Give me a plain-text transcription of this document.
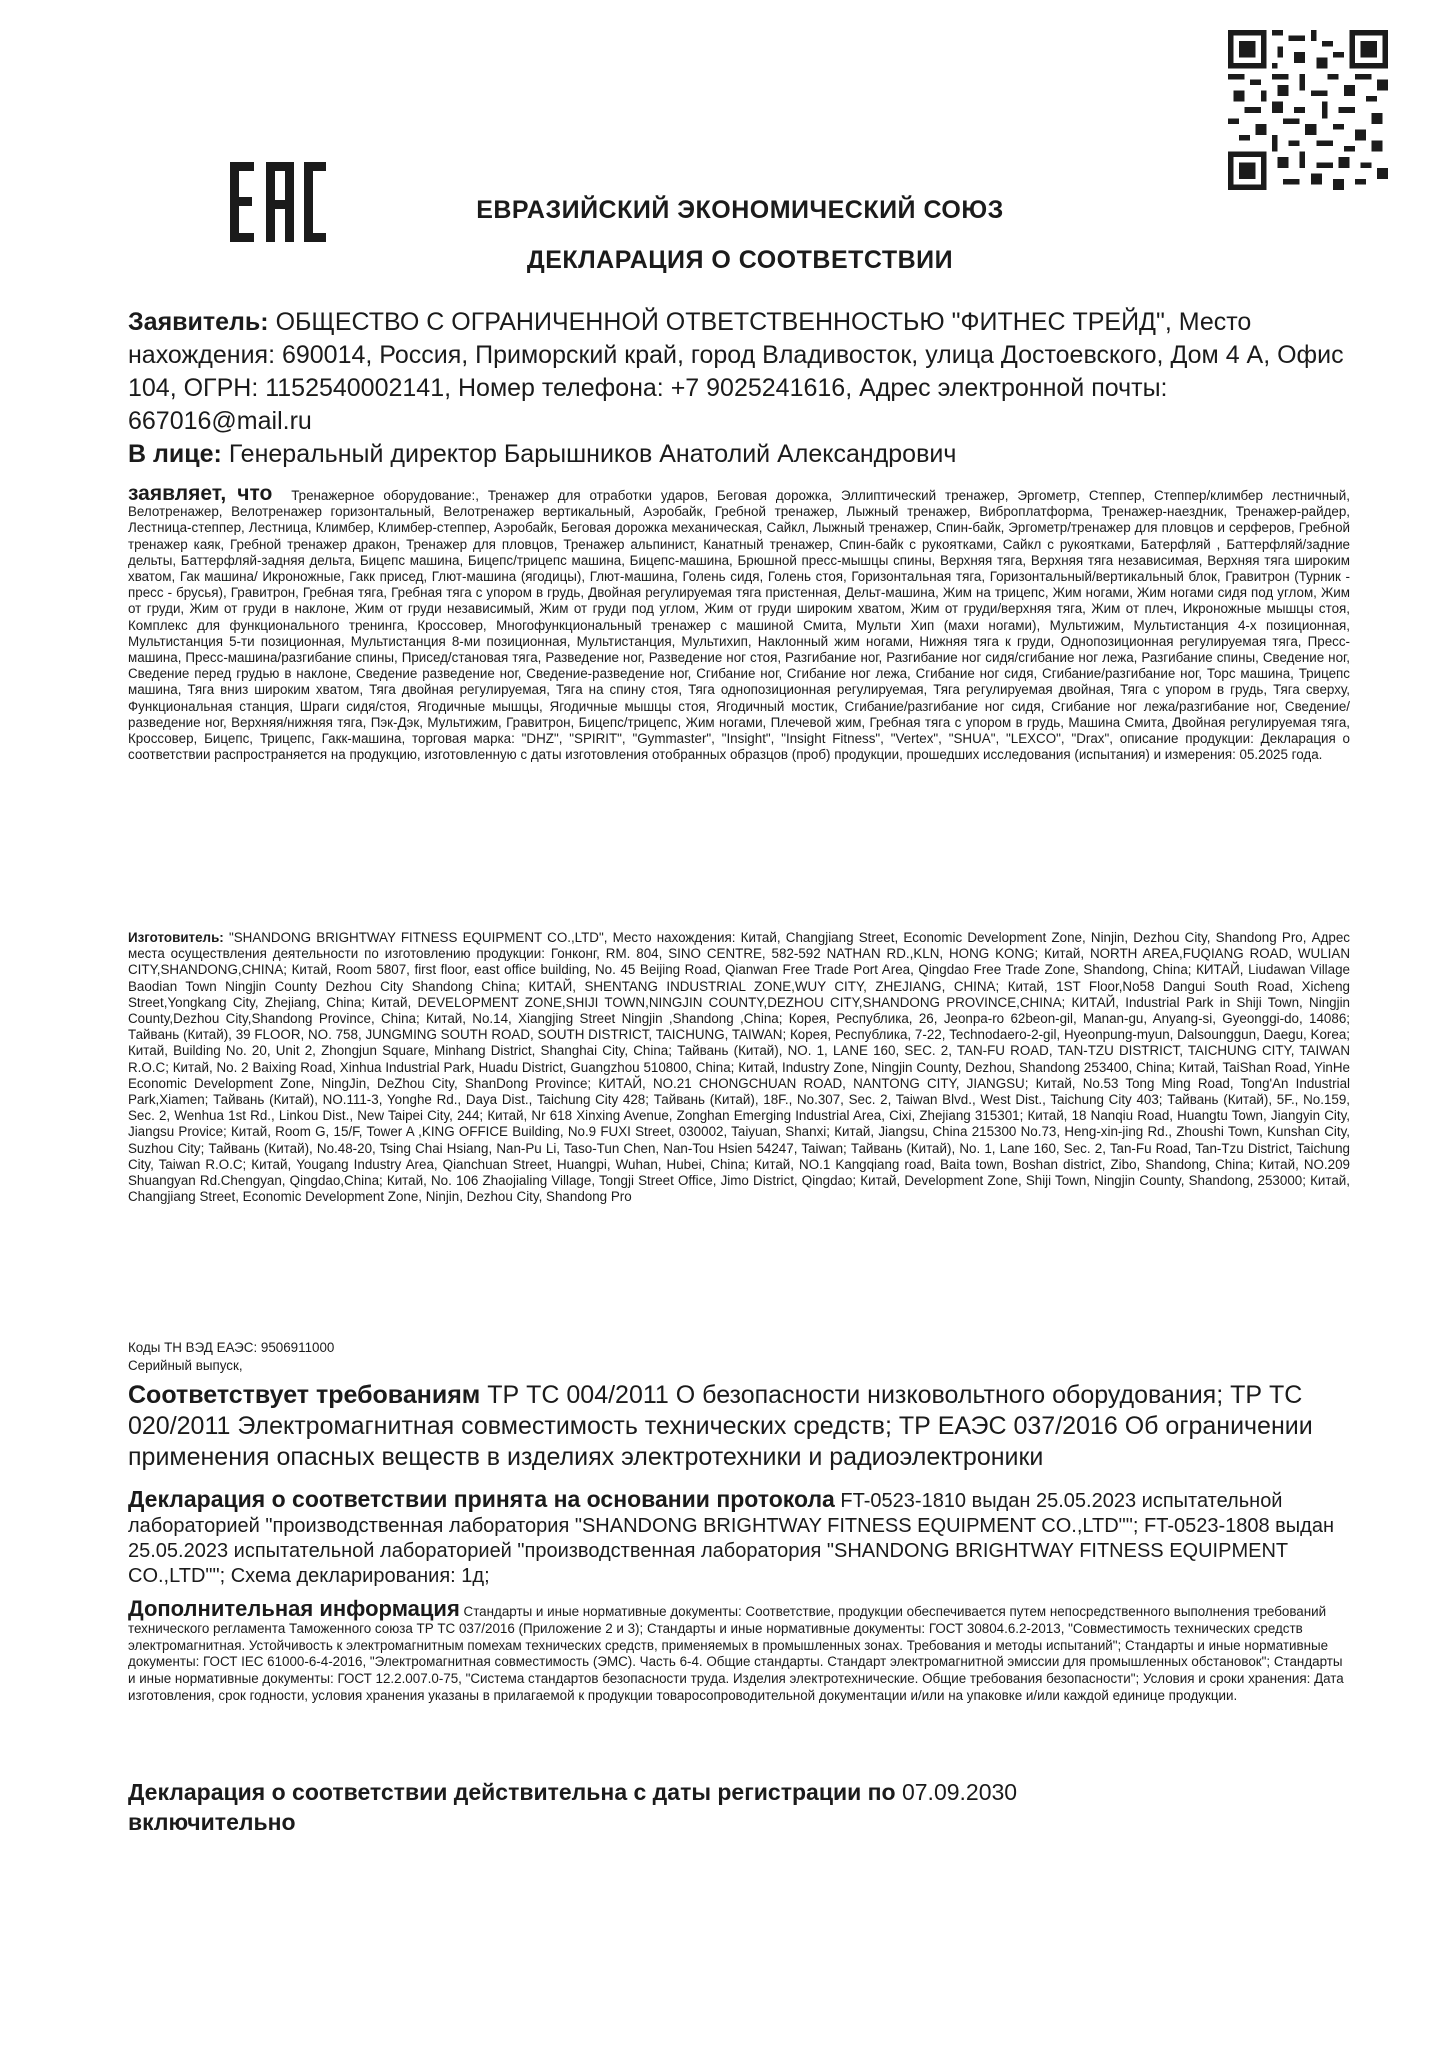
ЕВРАЗИЙСКИЙ ЭКОНОМИЧЕСКИЙ СОЮЗ
ДЕКЛАРАЦИЯ О СООТВЕТСТВИИ
Заявитель: ОБЩЕСТВО С ОГРАНИЧЕННОЙ ОТВЕТСТВЕННОСТЬЮ "ФИТНЕС ТРЕЙД", Место нахождения: 690014, Россия, Приморский край, город Владивосток, улица Достоевского, Дом 4 А, Офис 104, ОГРН: 1152540002141, Номер телефона: +7 9025241616, Адрес электронной почты: 667016@mail.ru
В лице: Генеральный директор Барышников Анатолий Александрович
заявляет, что Тренажерное оборудование:, Тренажер для отработки ударов, Беговая дорожка, Эллиптический тренажер, Эргометр, Степпер, Степпер/климбер лестничный, Велотренажер, Велотренажер горизонтальный, Велотренажер вертикальный, Аэробайк, Гребной тренажер, Лыжный тренажер, Виброплатформа, Тренажер-наездник, Тренажер-райдер, Лестница-степпер, Лестница, Климбер, Климбер-степпер, Аэробайк, Беговая дорожка механическая, Сайкл, Лыжный тренажер, Спин-байк, Эргометр/тренажер для пловцов и серферов, Гребной тренажер каяк, Гребной тренажер дракон, Тренажер для пловцов, Тренажер альпинист, Канатный тренажер, Спин-байк с рукоятками, Сайкл с рукоятками, Батерфляй , Баттерфляй/задние дельты, Баттерфляй-задняя дельта, Бицепс машина, Бицепс/трицепс машина, Бицепс-машина, Брюшной пресс-мышцы спины, Верхняя тяга, Верхняя тяга независимая, Верхняя тяга широким хватом, Гак машина/ Икроножные, Гакк присед, Глют-машина (ягодицы), Глют-машина, Голень сидя, Голень стоя, Горизонтальная тяга, Горизонтальный/вертикальный блок, Гравитрон (Турник - пресс - брусья), Гравитрон, Гребная тяга, Гребная тяга с упором в грудь, Двойная регулируемая тяга пристенная, Дельт-машина, Жим на трицепс, Жим ногами, Жим ногами сидя под углом, Жим от груди, Жим от груди в наклоне, Жим от груди независимый, Жим от груди под углом, Жим от груди широким хватом, Жим от груди/верхняя тяга, Жим от плеч, Икроножные мышцы стоя, Комплекс для функционального тренинга, Кроссовер, Многофункциональный тренажер с машиной Смита, Мульти Хип (махи ногами), Мультижим, Мультистанция 4-х позиционная, Мультистанция 5-ти позиционная, Мультистанция 8-ми позиционная, Мультистанция, Мультихип, Наклонный жим ногами, Нижняя тяга к груди, Однопозиционная регулируемая тяга, Пресс-машина, Пресс-машина/разгибание спины, Присед/становая тяга, Разведение ног, Разведение ног стоя, Разгибание ног, Разгибание ног сидя/сгибание ног лежа, Разгибание спины, Сведение ног, Сведение перед грудью в наклоне, Сведение разведение ног, Сведение-разведение ног, Сгибание ног, Сгибание ног лежа, Сгибание ног сидя, Сгибание/разгибание ног, Торс машина, Трицепс машина, Тяга вниз широким хватом, Тяга двойная регулируемая, Тяга на спину стоя, Тяга однопозиционная регулируемая, Тяга регулируемая двойная, Тяга с упором в грудь, Тяга сверху, Функциональная станция, Шраги сидя/стоя, Ягодичные мышцы, Ягодичные мышцы стоя, Ягодичный мостик, Сгибание/разгибание ног сидя, Сгибание ног лежа/разгибание ног, Сведение/разведение ног, Верхняя/нижняя тяга, Пэк-Дэк, Мультижим, Гравитрон, Бицепс/трицепс, Жим ногами, Плечевой жим, Гребная тяга с упором в грудь, Машина Смита, Двойная регулируемая тяга, Кроссовер, Бицепс, Трицепс, Гакк-машина, торговая марка: "DHZ", "SPIRIT", "Gymmaster", "Insight", "Insight Fitness", "Vertex", "SHUA", "LEXCO", "Drax", описание продукции: Декларация о соответствии распространяется на продукцию, изготовленную с даты изготовления отобранных образцов (проб) продукции, прошедших исследования (испытания) и измерения: 05.2025 года.
Изготовитель: "SHANDONG BRIGHTWAY FITNESS EQUIPMENT CO.,LTD", Место нахождения: Китай, Changjiang Street, Economic Development Zone, Ninjin, Dezhou City, Shandong Pro, Адрес места осуществления деятельности по изготовлению продукции: Гонконг, RM. 804, SINO CENTRE, 582-592 NATHAN RD.,KLN, HONG KONG; Китай, NORTH AREA,FUQIANG ROAD, WULIAN CITY,SHANDONG,CHINA; Китай, Room 5807, first floor, east office building, No. 45 Beijing Road, Qianwan Free Trade Port Area, Qingdao Free Trade Zone, Shandong, China; КИТАЙ, Liudawan Village Baodian Town Ningjin County Dezhou City Shandong China; КИТАЙ, SHENTANG INDUSTRIAL ZONE,WUY CITY, ZHEJIANG, CHINA; Китай, 1ST Floor,No58 Dangui South Road, Xicheng Street,Yongkang City, Zhejiang, China; Китай, DEVELOPMENT ZONE,SHIJI TOWN,NINGJIN COUNTY,DEZHOU CITY,SHANDONG PROVINCE,CHINA; КИТАЙ, Industrial Park in Shiji Town, Ningjin County,Dezhou City,Shandong Province, China; Китай, No.14, Xiangjing Street Ningjin ,Shandong ,China; Корея, Республика, 26, Jeonpa-ro 62beon-gil, Manan-gu, Anyang-si, Gyeonggi-do, 14086; Тайвань (Китай), 39 FLOOR, NO. 758, JUNGMING SOUTH ROAD, SOUTH DISTRICT, TAICHUNG, TAIWAN; Корея, Республика, 7-22, Technodaero-2-gil, Hyeonpung-myun, Dalsounggun, Daegu, Korea; Китай, Building No. 20, Unit 2, Zhongjun Square, Minhang District, Shanghai City, China; Тайвань (Китай), NO. 1, LANE 160, SEC. 2, TAN-FU ROAD, TAN-TZU DISTRICT, TAICHUNG CITY, TAIWAN R.O.C; Китай, No. 2 Baixing Road, Xinhua Industrial Park, Huadu District, Guangzhou 510800, China; Китай, Industry Zone, Ningjin County, Dezhou, Shandong 253400, China; Китай, TaiShan Road, YinHe Economic Development Zone, NingJin, DeZhou City, ShanDong Province; КИТАЙ, NO.21 CHONGCHUAN ROAD, NANTONG CITY, JIANGSU; Китай, No.53 Tong Ming Road, Tong'An Industrial Park,Xiamen; Тайвань (Китай), NO.111-3, Yonghe Rd., Daya Dist., Taichung City 428; Тайвань (Китай), 18F., No.307, Sec. 2, Taiwan Blvd., West Dist., Taichung City 403; Тайвань (Китай), 5F., No.159, Sec. 2, Wenhua 1st Rd., Linkou Dist., New Taipei City, 244; Китай, Nr 618 Xinxing Avenue, Zonghan Emerging Industrial Area, Cixi, Zhejiang 315301; Китай, 18 Nanqiu Road, Huangtu Town, Jiangyin City, Jiangsu Provice; Китай, Room G, 15/F, Tower A ,KING OFFICE Building, No.9 FUXI Street, 030002, Taiyuan, Shanxi; Китай, Jiangsu, China 215300 No.73, Heng-xin-jing Rd., Zhoushi Town, Kunshan City, Suzhou City; Тайвань (Китай), No.48-20, Tsing Chai Hsiang, Nan-Pu Li, Taso-Tun Chen, Nan-Tou Hsien 54247, Taiwan; Тайвань (Китай), No. 1, Lane 160, Sec. 2, Tan-Fu Road, Tan-Tzu District, Taichung City, Taiwan R.O.C; Китай, Yougang Industry Area, Qianchuan Street, Huangpi, Wuhan, Hubei, China; Китай, NO.1 Kangqiang road, Baita town, Boshan district, Zibo, Shandong, China; Китай, NO.209 Shuangyan Rd.Chengyan, Qingdao,China; Китай, No. 106 Zhaojialing Village, Tongji Street Office, Jimo District, Qingdao; Китай, Development Zone, Shiji Town, Ningjin County, Shandong, 253000; Китай, Changjiang Street, Economic Development Zone, Ninjin, Dezhou City, Shandong Pro
Коды ТН ВЭД ЕАЭС: 9506911000
Серийный выпуск,
Соответствует требованиям ТР ТС 004/2011 О безопасности низковольтного оборудования; ТР ТС 020/2011 Электромагнитная совместимость технических средств; ТР ЕАЭС 037/2016 Об ограничении применения опасных веществ в изделиях электротехники и радиоэлектроники
Декларация о соответствии принята на основании протокола FT-0523-1810 выдан 25.05.2023 испытательной лабораторией "производственная лаборатория "SHANDONG BRIGHTWAY FITNESS EQUIPMENT CO.,LTD""; FT-0523-1808 выдан 25.05.2023 испытательной лабораторией "производственная лаборатория "SHANDONG BRIGHTWAY FITNESS EQUIPMENT CO.,LTD""; Схема декларирования: 1д;
Дополнительная информация Стандарты и иные нормативные документы: Соответствие, продукции обеспечивается путем непосредственного выполнения требований технического регламента Таможенного союза ТР ТС 037/2016 (Приложение 2 и 3); Стандарты и иные нормативные документы: ГОСТ 30804.6.2-2013, "Совместимость технических средств электромагнитная. Устойчивость к электромагнитным помехам технических средств, применяемых в промышленных зонах. Требования и методы испытаний"; Стандарты и иные нормативные документы: ГОСТ IEC 61000-6-4-2016, "Электромагнитная совместимость (ЭМС). Часть 6-4. Общие стандарты. Стандарт электромагнитной эмиссии для промышленных обстановок"; Стандарты и иные нормативные документы: ГОСТ 12.2.007.0-75, "Система стандартов безопасности труда. Изделия электротехнические. Общие требования безопасности"; Условия и сроки хранения: Дата изготовления, срок годности, условия хранения указаны в прилагаемой к продукции товаросопроводительной документации и/или на упаковке и/или каждой единице продукции.
Декларация о соответствии действительна с даты регистрации по 07.09.2030
включительно
